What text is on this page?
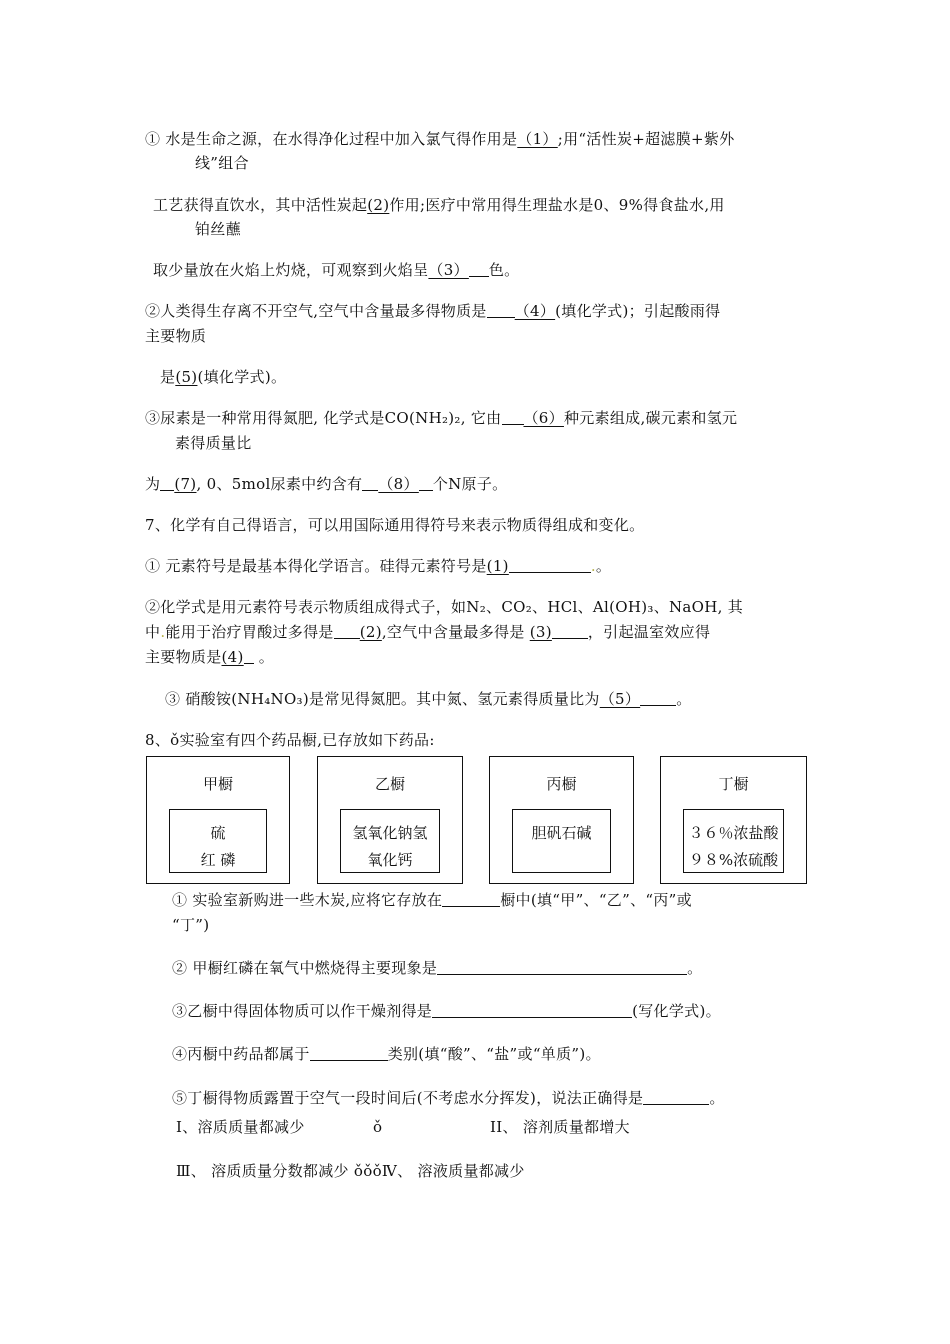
① 水是生命之源，在水得净化过程中加入氯气得作用是（1）;用“活性炭+超滤膜+紫外
线”组合
工艺获得直饮水，其中活性炭起(2)作用;医疗中常用得生理盐水是0、9%得食盐水,用
铂丝蘸
取少量放在火焰上灼烧，可观察到火焰呈（3） 色。
②人类得生存离不开空气,空气中含量最多得物质是 （4）(填化学式)；引起酸雨得
主要物质
是(5)(填化学式)。
③尿素是一种常用得氮肥, 化学式是CO(NH₂)₂, 它由 （6）种元素组成,碳元素和氢元
素得质量比
为 (7), 0、5mol尿素中约含有 （8） 个N原子。
7、化学有自己得语言，可以用国际通用得符号来表示物质得组成和变化。
① 元素符号是最基本得化学语言。硅得元素符号是(1)	.。
②化学式是用元素符号表示物质组成得式子，如N₂、CO₂、HCl、Al(OH)₃、NaOH, 其
中.能用于治疗胃酸过多得是 (2),空气中含量最多得是 (3) ，引起温室效应得
主要物质是(4) 。
③ 硝酸铵(NH₄NO₃)是常见得氮肥。其中氮、氢元素得质量比为（5） 。
8、ǒ实验室有四个药品橱,已存放如下药品:
甲橱
硫
红 磷
乙橱
氢氧化钠氢
氧化钙
丙橱
胆矾石碱
丁橱
３６％浓盐酸
９８%浓硫酸
① 实验室新购进一些木炭,应将它存放在	橱中(填“甲”、“乙”、“丙”或
“丁”)
② 甲橱红磷在氧气中燃烧得主要现象是	。
③乙橱中得固体物质可以作干燥剂得是	(写化学式)。
④丙橱中药品都属于	类别(填“酸”、“盐”或“单质”)。
⑤丁橱得物质露置于空气一段时间后(不考虑水分挥发)，说法正确得是	。
I、溶质质量都减少	ǒ	II、 溶剂质量都增大
Ⅲ、 溶质质量分数都减少 ǒǒǒⅣ、 溶液质量都减少
